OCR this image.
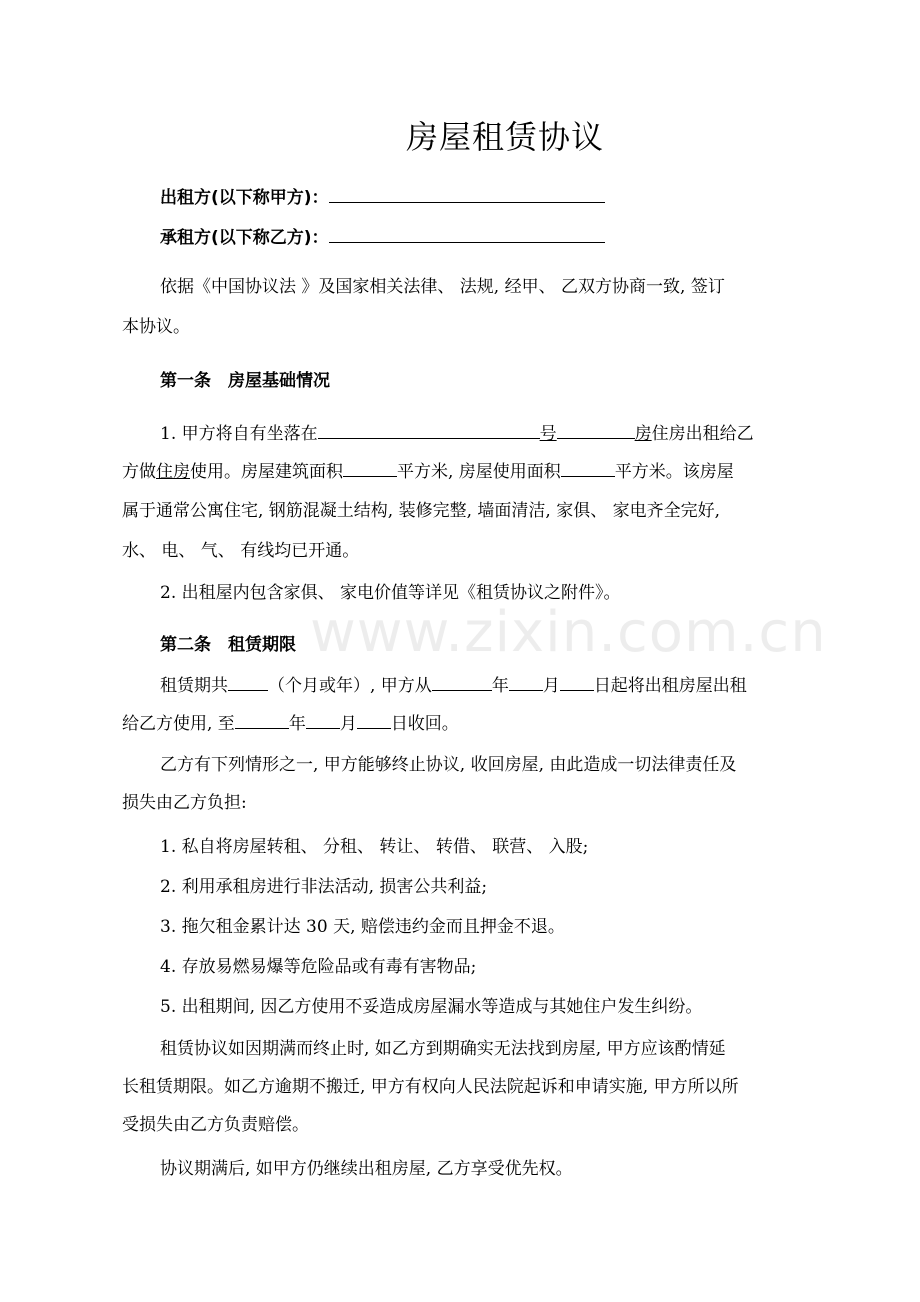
www.zixin.com.cn
房屋租赁协议
出租方(以下称甲方)：
承租方(以下称乙方)：
依据《中国协议法 》及国家相关法律、 法规, 经甲、 乙双方协商一致, 签订
本协议。
第一条　房屋基础情况
1. 甲方将自有坐落在	号	房住房出租给乙
方做住房使用。房屋建筑面积	平方米, 房屋使用面积	平方米。该房屋
属于通常公寓住宅, 钢筋混凝土结构, 装修完整, 墙面清洁, 家俱、 家电齐全完好,
水、 电、 气、 有线均已开通。
2. 出租屋内包含家俱、 家电价值等详见《租赁协议之附件》。
第二条　租赁期限
租赁期共 （个月或年）, 甲方从	年 月 日起将出租房屋出租
给乙方使用, 至	年 月 日收回。
乙方有下列情形之一, 甲方能够终止协议, 收回房屋, 由此造成一切法律责任及
损失由乙方负担:
1. 私自将房屋转租、 分租、 转让、 转借、 联营、 入股;
2. 利用承租房进行非法活动, 损害公共利益;
3. 拖欠租金累计达 30 天, 赔偿违约金而且押金不退。
4. 存放易燃易爆等危险品或有毒有害物品;
5. 出租期间, 因乙方使用不妥造成房屋漏水等造成与其她住户发生纠纷。
租赁协议如因期满而终止时, 如乙方到期确实无法找到房屋, 甲方应该酌情延
长租赁期限。如乙方逾期不搬迁, 甲方有权向人民法院起诉和申请实施, 甲方所以所
受损失由乙方负责赔偿。
协议期满后, 如甲方仍继续出租房屋, 乙方享受优先权。
